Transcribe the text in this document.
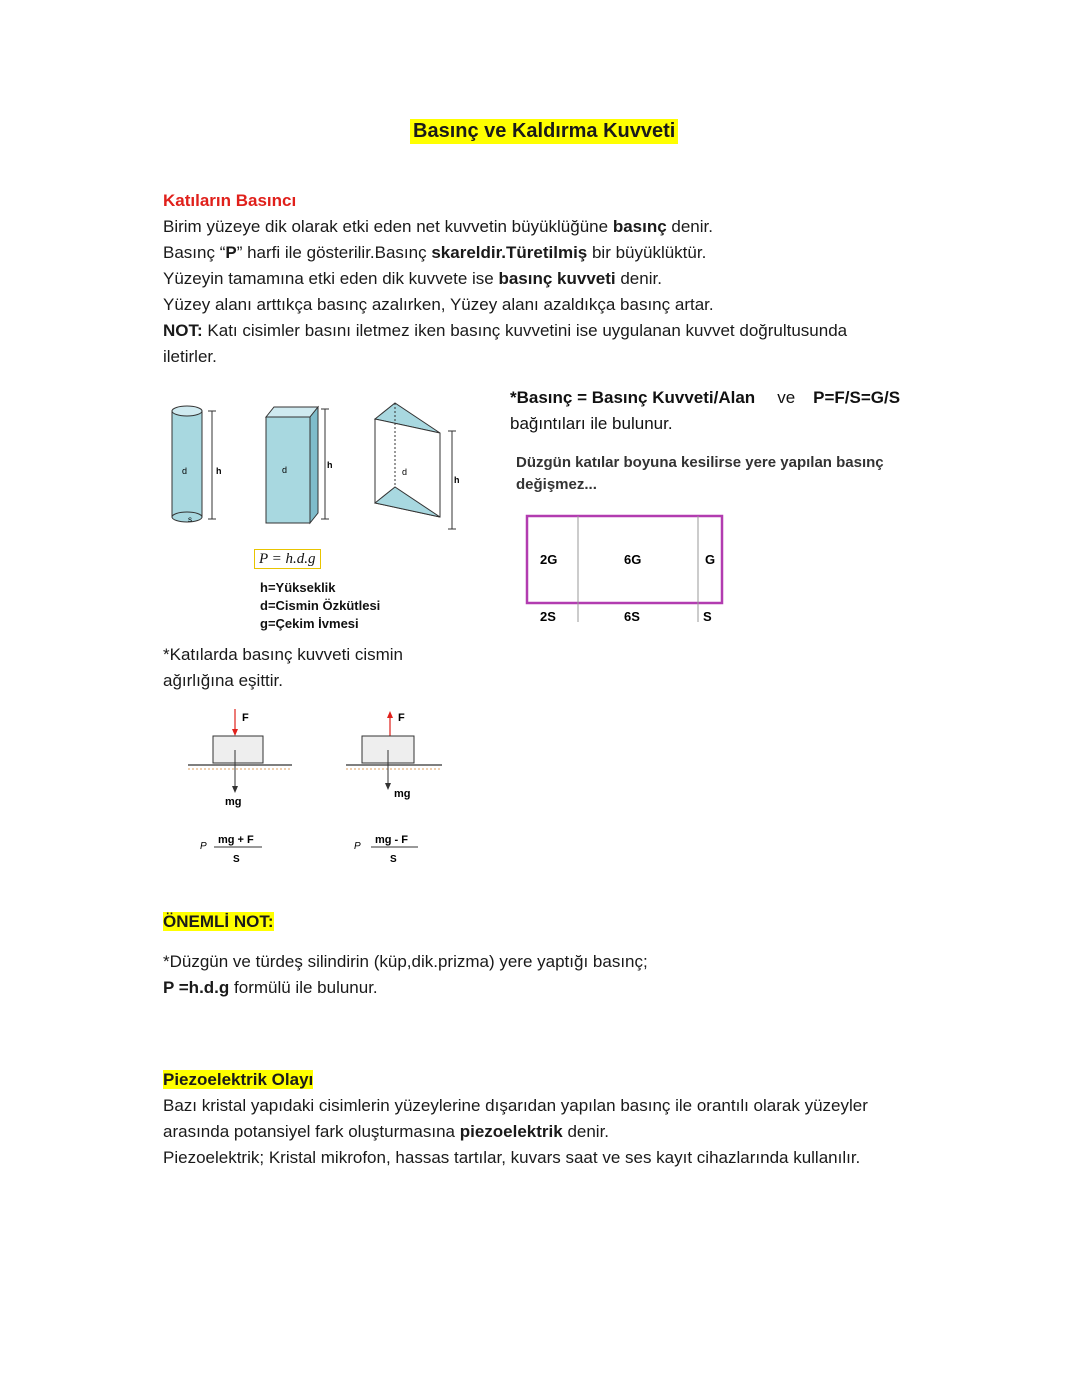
Basınç ve Kaldırma Kuvveti
Katıların Basıncı
Birim yüzeye dik olarak etki eden net kuvvetin büyüklüğüne basınç denir.
Basınç “P” harfi ile gösterilir.Basınç skareldir.Türetilmiş bir büyüklüktür.
Yüzeyin tamamına etki eden dik kuvvete ise basınç kuvveti denir.
Yüzey alanı arttıkça basınç azalırken, Yüzey alanı azaldıkça basınç artar.
NOT: Katı cisimler basını iletmez iken basınç kuvvetini ise uygulanan kuvvet doğrultusunda
iletirler.
d	h
s
d	h
d
h
P = h.d.g
h=Yükseklik
d=Cismin Özkütlesi
g=Çekim İvmesi
*Basınç = Basınç Kuvveti/Alan ve P=F/S=G/S
bağıntıları ile bulunur.
Düzgün katılar boyuna kesilirse yere yapılan basınç
değişmez...
2G	6G	G
2S	6S	S
*Katılarda basınç kuvveti cismin
ağırlığına eşittir.
F
mg
P
mg + F
S
F
mg
P
mg - F
S
ÖNEMLİ NOT:
*Düzgün ve türdeş silindirin (küp,dik.prizma) yere yaptığı basınç;
P =h.d.g formülü ile bulunur.
Piezoelektrik Olayı
Bazı kristal yapıdaki cisimlerin yüzeylerine dışarıdan yapılan basınç ile orantılı olarak yüzeyler
arasında potansiyel fark oluşturmasına piezoelektrik denir.
Piezoelektrik; Kristal mikrofon, hassas tartılar, kuvars saat ve ses kayıt cihazlarında kullanılır.
